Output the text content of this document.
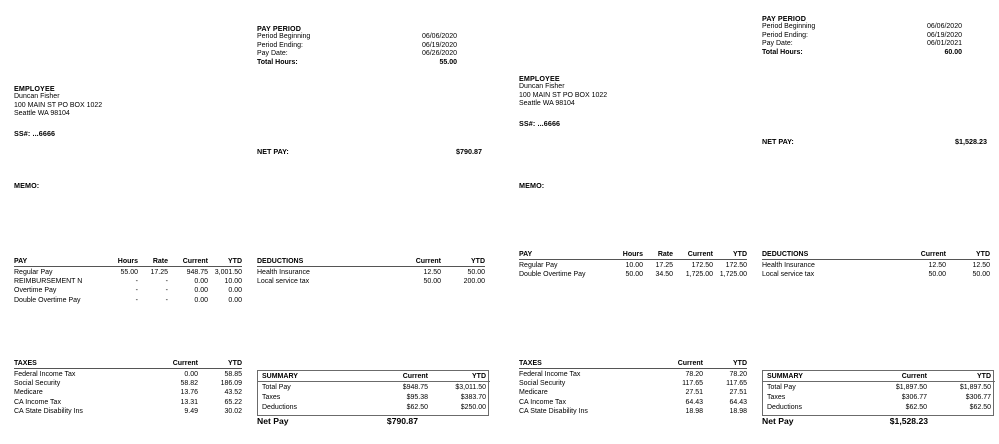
PAY PERIOD
Period Beginning	06/06/2020
Period Ending:	06/19/2020
Pay Date:	06/26/2020
Total Hours:	55.00
EMPLOYEE
Duncan Fisher
100 MAIN ST PO BOX 1022
Seattle WA 98104
SS#: ...6666
NET PAY:	$790.87
MEMO:
PAY	Hours	Rate	Current	YTD
Regular Pay	55.00	17.25	948.75	3,001.50
REIMBURSEMENT N	-	-	0.00	10.00
Overtime Pay	-	-	0.00	0.00
Double Overtime Pay	-	-	0.00	0.00
DEDUCTIONS	Current	YTD
Health Insurance	12.50	50.00
Local service tax	50.00	200.00
TAXES	Current	YTD
Federal Income Tax	0.00	58.85
Social Security	58.82	186.09
Medicare	13.76	43.52
CA Income Tax	13.31	65.22
CA State Disability Ins	9.49	30.02
SUMMARY	Current	YTD
Total Pay	$948.75	$3,011.50
Taxes	$95.38	$383.70
Deductions	$62.50	$250.00
Net Pay	$790.87
PAY PERIOD
Period Beginning	06/06/2020
Period Ending:	06/19/2020
Pay Date:	06/01/2021
Total Hours:	60.00
EMPLOYEE
Duncan Fisher
100 MAIN ST PO BOX 1022
Seattle WA 98104
SS#: ...6666
NET PAY:	$1,528.23
MEMO:
PAY	Hours	Rate	Current	YTD
Regular Pay	10.00	17.25	172.50	172.50
Double Overtime Pay	50.00	34.50	1,725.00	1,725.00
DEDUCTIONS	Current	YTD
Health Insurance	12.50	12.50
Local service tax	50.00	50.00
TAXES	Current	YTD
Federal Income Tax	78.20	78.20
Social Security	117.65	117.65
Medicare	27.51	27.51
CA Income Tax	64.43	64.43
CA State Disability Ins	18.98	18.98
SUMMARY	Current	YTD
Total Pay	$1,897.50	$1,897.50
Taxes	$306.77	$306.77
Deductions	$62.50	$62.50
Net Pay	$1,528.23
